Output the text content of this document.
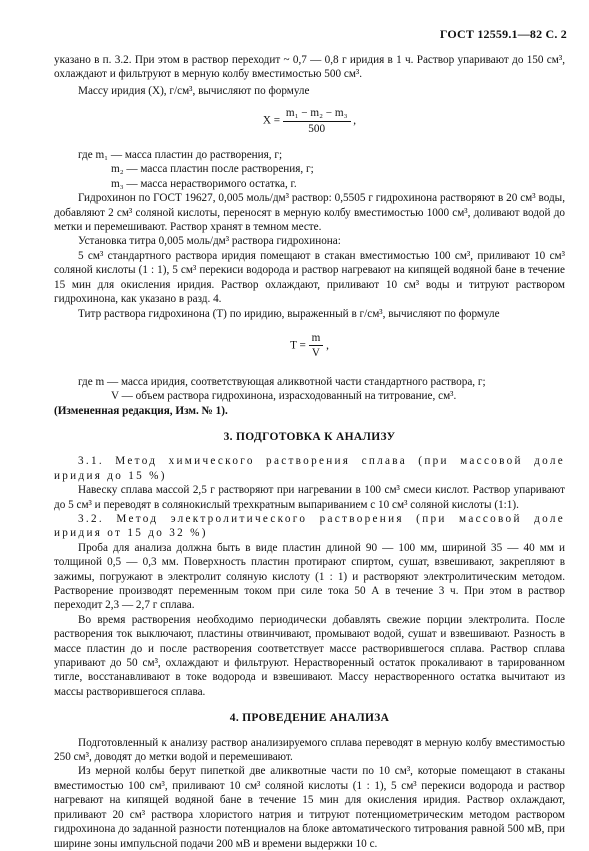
ГОСТ 12559.1—82 С. 2

указано в п. 3.2. При этом в раствор переходит ~ 0,7 — 0,8 г иридия в 1 ч. Раствор упаривают до 150 см³, охлаждают и фильтруют в мерную колбу вместимостью 500 см³.

Массу иридия (X), г/см³, вычисляют по формуле

$X = \frac{\text{m₁ − m₂ − m₃}}{500}$ ,

где m₁ — масса пластин до растворения, г;

m₂ — масса пластин после растворения, г;

m₃ — масса нерастворимого остатка, г.

Гидрохинон по ГОСТ 19627, 0,005 моль/дм³ раствор: 0,5505 г гидрохинона растворяют в 20 см³ воды, добавляют 2 см³ соляной кислоты, переносят в мерную колбу вместимостью 1000 см³, доливают водой до метки и перемешивают. Раствор хранят в темном месте.

Установка титра 0,005 моль/дм³ раствора гидрохинона:

5 см³ стандартного раствора иридия помещают в стакан вместимостью 100 см³, приливают 10 см³ соляной кислоты (1 : 1), 5 см³ перекиси водорода и раствор нагревают на кипящей водяной бане в течение 15 мин для окисления иридия. Раствор охлаждают, приливают 10 см³ воды и титруют раствором гидрохинона, как указано в разд. 4.

Титр раствора гидрохинона (T) по иридию, выраженный в г/см³, вычисляют по формуле

$T = \frac{m}{V}$ ,

где m — масса иридия, соответствующая аликвотной части стандартного раствора, г;

V — объем раствора гидрохинона, израсходованный на титрование, см³.

(Измененная редакция, Изм. № 1).

3. ПОДГОТОВКА К АНАЛИЗУ

3.1. Метод химического растворения сплава (при массовой доле иридия до 15 %)

Навеску сплава массой 2,5 г растворяют при нагревании в 100 см³ смеси кислот. Раствор упаривают до 5 см³ и переводят в солянокислый трехкратным выпариванием с 10 см³ соляной кислоты (1:1).

3.2. Метод электролитического растворения (при массовой доле иридия от 15 до 32 %)

Проба для анализа должна быть в виде пластин длиной 90 — 100 мм, шириной 35 — 40 мм и толщиной 0,5 — 0,3 мм. Поверхность пластин протирают спиртом, сушат, взвешивают, закрепляют в зажимы, погружают в электролит соляную кислоту (1 : 1) и растворяют электролитическим методом. Растворение производят переменным током при силе тока 50 А в течение 3 ч. При этом в раствор переходит 2,3 — 2,7 г сплава.

Во время растворения необходимо периодически добавлять свежие порции электролита. После растворения ток выключают, пластины отвинчивают, промывают водой, сушат и взвешивают. Разность в массе пластин до и после растворения соответствует массе растворившегося сплава. Раствор сплава упаривают до 50 см³, охлаждают и фильтруют. Нерастворенный остаток прокаливают в тарированном тигле, восстанавливают в токе водорода и взвешивают. Массу нерастворенного остатка вычитают из массы растворившегося сплава.

4. ПРОВЕДЕНИЕ АНАЛИЗА

Подготовленный к анализу раствор анализируемого сплава переводят в мерную колбу вместимостью 250 см³, доводят до метки водой и перемешивают.

Из мерной колбы берут пипеткой две аликвотные части по 10 см³, которые помещают в стаканы вместимостью 100 см³, приливают 10 см³ соляной кислоты (1 : 1), 5 см³ перекиси водорода и раствор нагревают на кипящей водяной бане в течение 15 мин для окисления иридия. Раствор охлаждают, приливают 20 см³ раствора хлористого натрия и титруют потенциометрическим методом раствором гидрохинона до заданной разности потенциалов на блоке автоматического титрования равной 500 мВ, при ширине зоны импульсной подачи 200 мВ и времени выдержки 10 с.
